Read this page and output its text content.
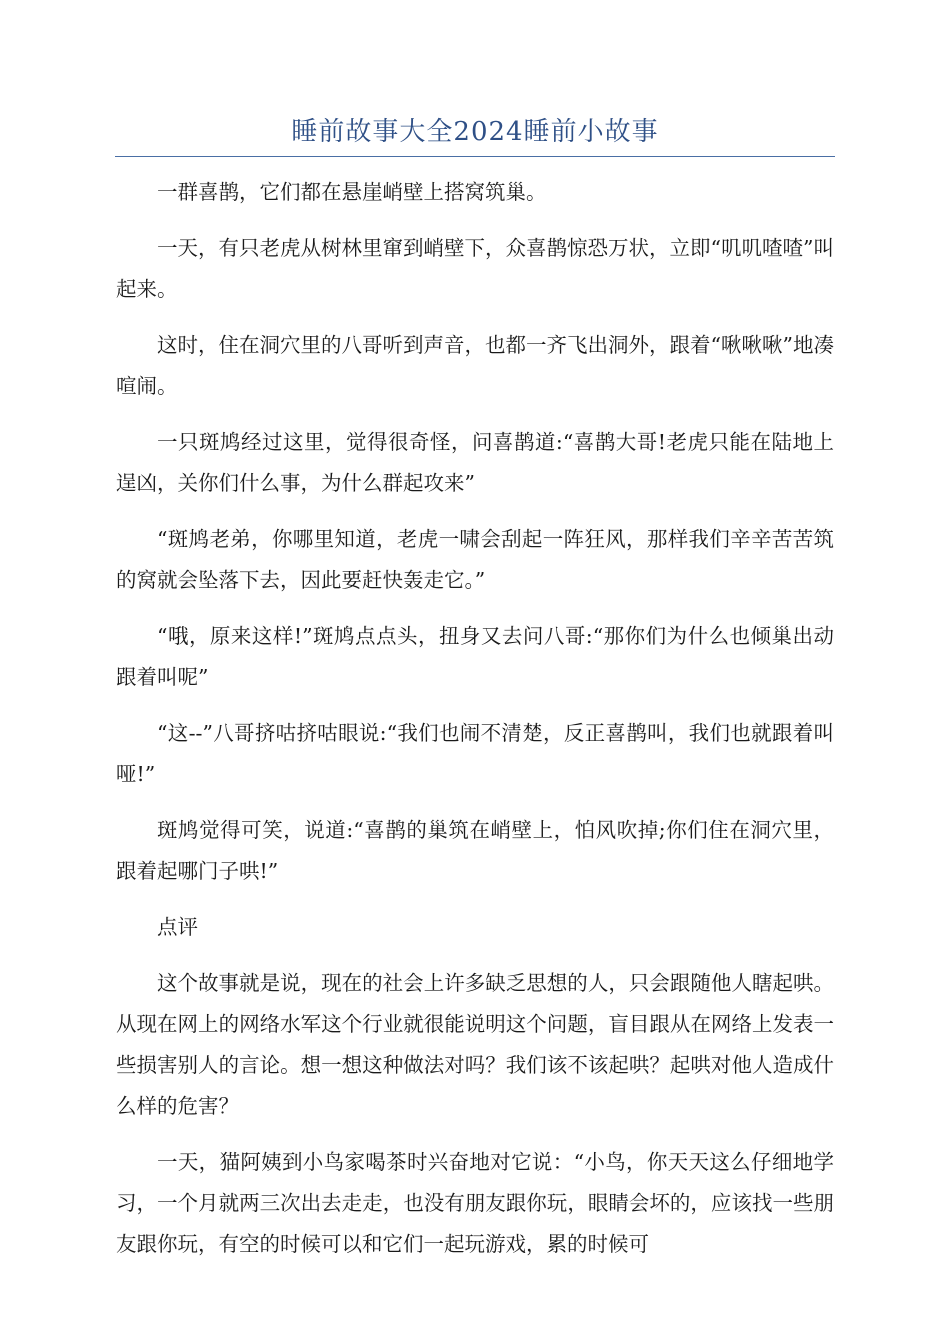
睡前故事大全2024睡前小故事

一群喜鹊，它们都在悬崖峭壁上搭窝筑巢。

一天，有只老虎从树林里窜到峭壁下，众喜鹊惊恐万状，立即“叽叽喳喳”叫起来。

这时，住在洞穴里的八哥听到声音，也都一齐飞出洞外，跟着“啾啾啾”地凑喧闹。

一只斑鸠经过这里，觉得很奇怪，问喜鹊道:“喜鹊大哥!老虎只能在陆地上逞凶，关你们什么事，为什么群起攻来”

“斑鸠老弟，你哪里知道，老虎一啸会刮起一阵狂风，那样我们辛辛苦苦筑的窝就会坠落下去，因此要赶快轰走它。”

“哦，原来这样!”斑鸠点点头，扭身又去问八哥:“那你们为什么也倾巢出动跟着叫呢”

“这--”八哥挤咕挤咕眼说:“我们也闹不清楚，反正喜鹊叫，我们也就跟着叫哑!”

斑鸠觉得可笑，说道:“喜鹊的巢筑在峭壁上，怕风吹掉;你们住在洞穴里，跟着起哪门子哄!”

点评

这个故事就是说，现在的社会上许多缺乏思想的人，只会跟随他人瞎起哄。从现在网上的网络水军这个行业就很能说明这个问题，盲目跟从在网络上发表一些损害别人的言论。想一想这种做法对吗？我们该不该起哄？起哄对他人造成什么样的危害？

一天，猫阿姨到小鸟家喝茶时兴奋地对它说：“小鸟，你天天这么仔细地学习，一个月就两三次出去走走，也没有朋友跟你玩，眼睛会坏的，应该找一些朋友跟你玩，有空的时候可以和它们一起玩游戏，累的时候可
